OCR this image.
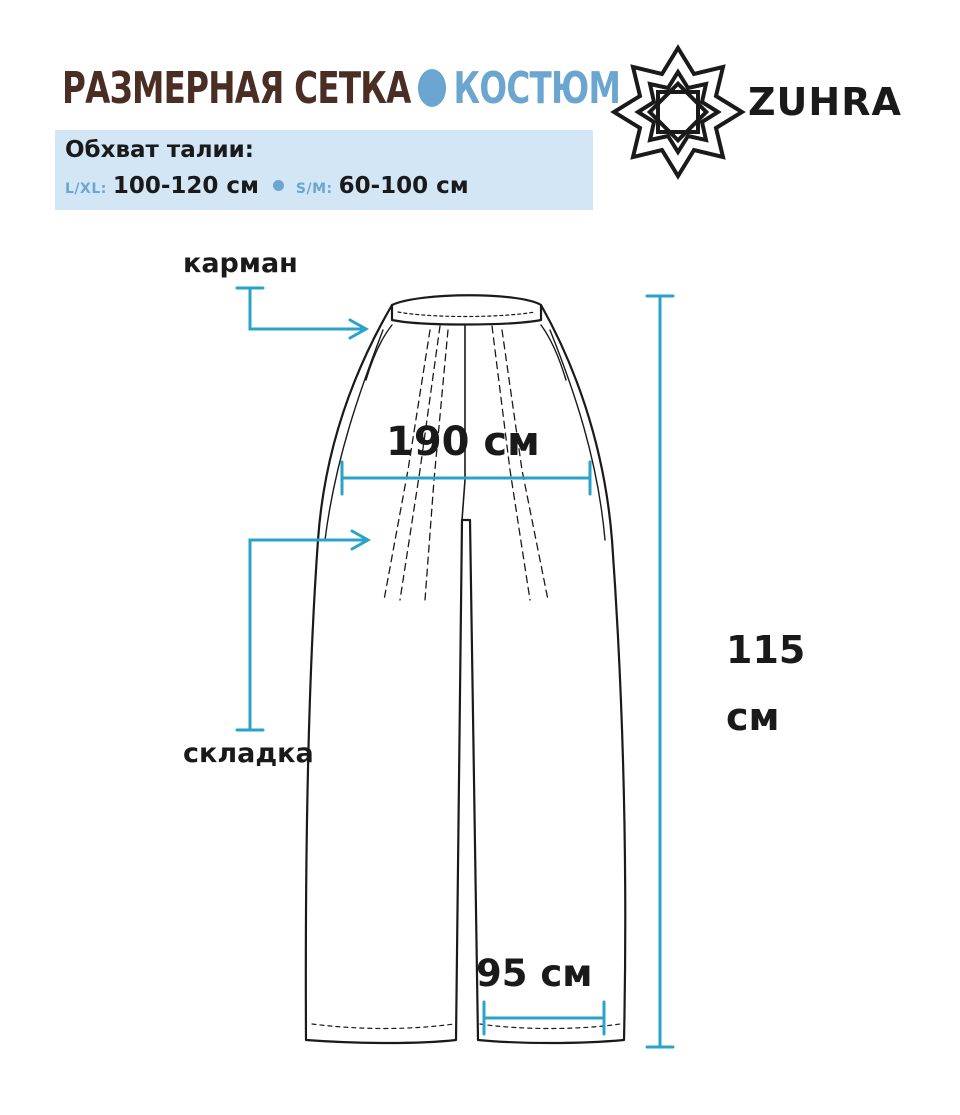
РАЗМЕРНАЯ СЕТКА КОСТЮМ
Обхват талии:
L/XL: 100-120 см	S/M: 60-100 см
ZUHRA
карман
складка
190 см
95 см
115
см
